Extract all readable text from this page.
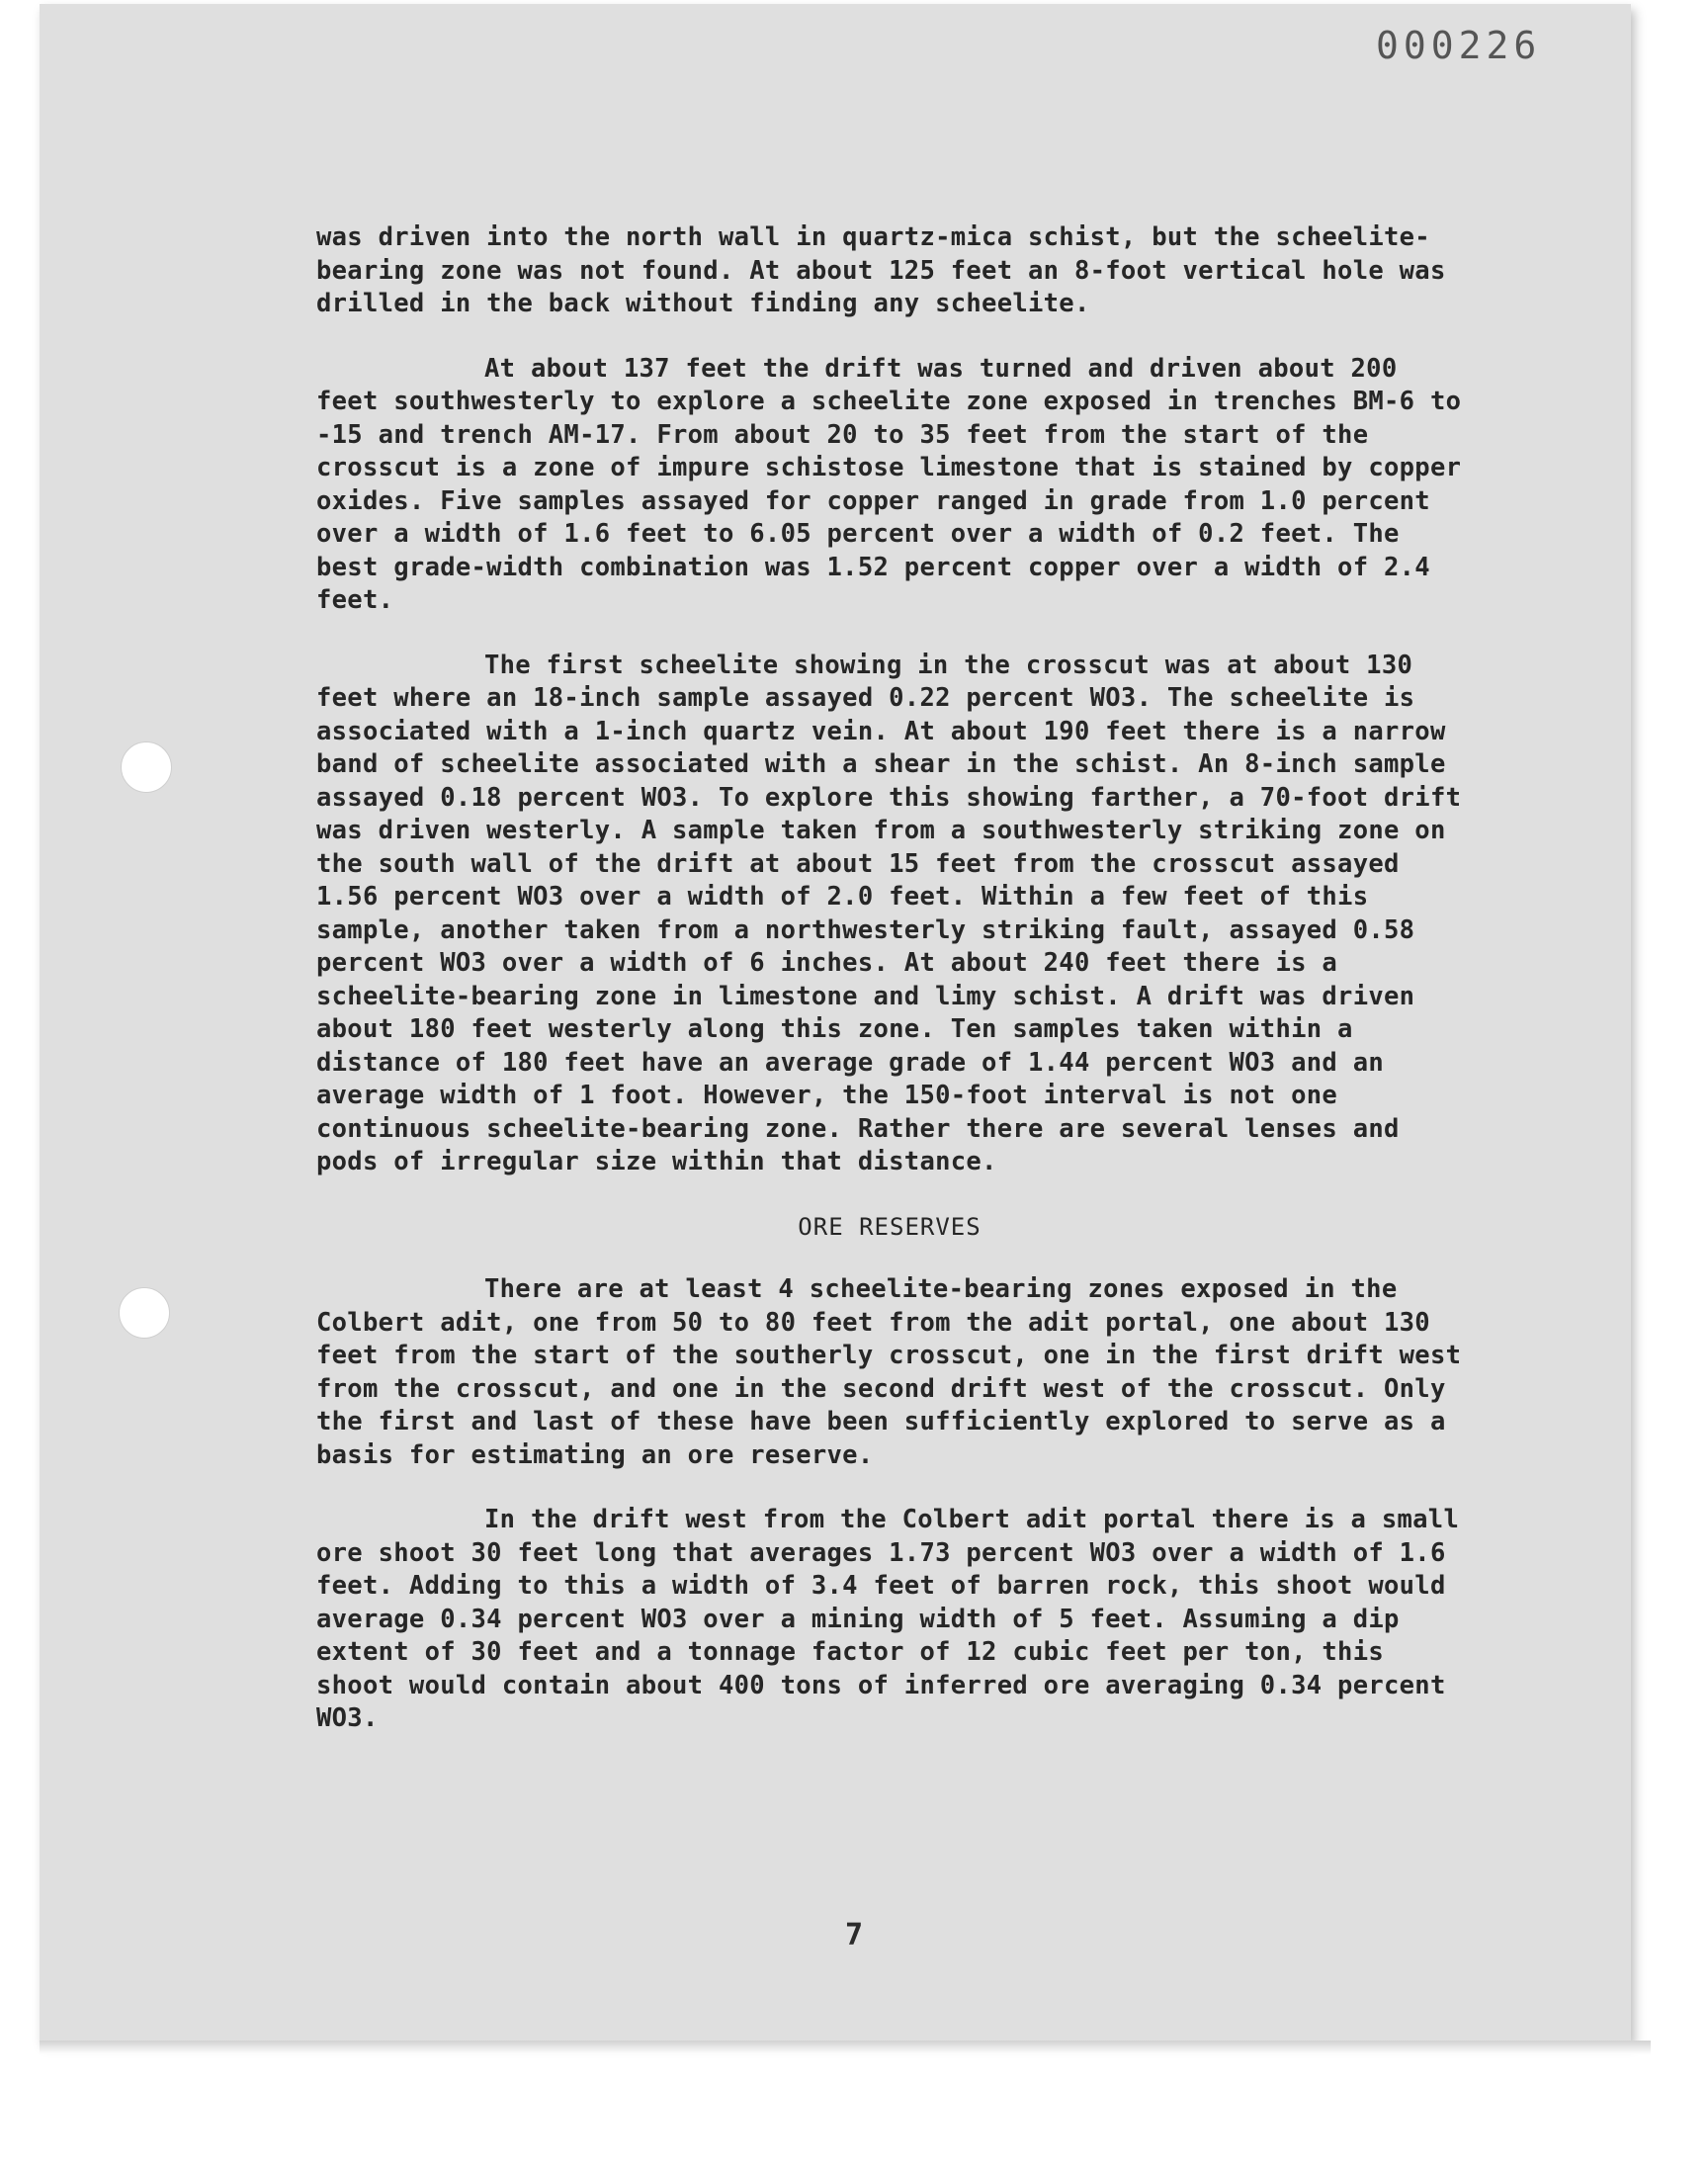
000226

was driven into the north wall in quartz-mica schist, but the scheelite-bearing zone was not found. At about 125 feet an 8-foot vertical hole was drilled in the back without finding any scheelite.

At about 137 feet the drift was turned and driven about 200 feet southwesterly to explore a scheelite zone exposed in trenches BM-6 to -15 and trench AM-17. From about 20 to 35 feet from the start of the crosscut is a zone of impure schistose limestone that is stained by copper oxides. Five samples assayed for copper ranged in grade from 1.0 percent over a width of 1.6 feet to 6.05 percent over a width of 0.2 feet. The best grade-width combination was 1.52 percent copper over a width of 2.4 feet.

The first scheelite showing in the crosscut was at about 130 feet where an 18-inch sample assayed 0.22 percent WO3. The scheelite is associated with a 1-inch quartz vein. At about 190 feet there is a narrow band of scheelite associated with a shear in the schist. An 8-inch sample assayed 0.18 percent WO3. To explore this showing farther, a 70-foot drift was driven westerly. A sample taken from a southwesterly striking zone on the south wall of the drift at about 15 feet from the crosscut assayed 1.56 percent WO3 over a width of 2.0 feet. Within a few feet of this sample, another taken from a northwesterly striking fault, assayed 0.58 percent WO3 over a width of 6 inches. At about 240 feet there is a scheelite-bearing zone in limestone and limy schist. A drift was driven about 180 feet westerly along this zone. Ten samples taken within a distance of 180 feet have an average grade of 1.44 percent WO3 and an average width of 1 foot. However, the 150-foot interval is not one continuous scheelite-bearing zone. Rather there are several lenses and pods of irregular size within that distance.

ORE RESERVES

There are at least 4 scheelite-bearing zones exposed in the Colbert adit, one from 50 to 80 feet from the adit portal, one about 130 feet from the start of the southerly crosscut, one in the first drift west from the crosscut, and one in the second drift west of the crosscut. Only the first and last of these have been sufficiently explored to serve as a basis for estimating an ore reserve.

In the drift west from the Colbert adit portal there is a small ore shoot 30 feet long that averages 1.73 percent WO3 over a width of 1.6 feet. Adding to this a width of 3.4 feet of barren rock, this shoot would average 0.34 percent WO3 over a mining width of 5 feet. Assuming a dip extent of 30 feet and a tonnage factor of 12 cubic feet per ton, this shoot would contain about 400 tons of inferred ore averaging 0.34 percent WO3.

7
